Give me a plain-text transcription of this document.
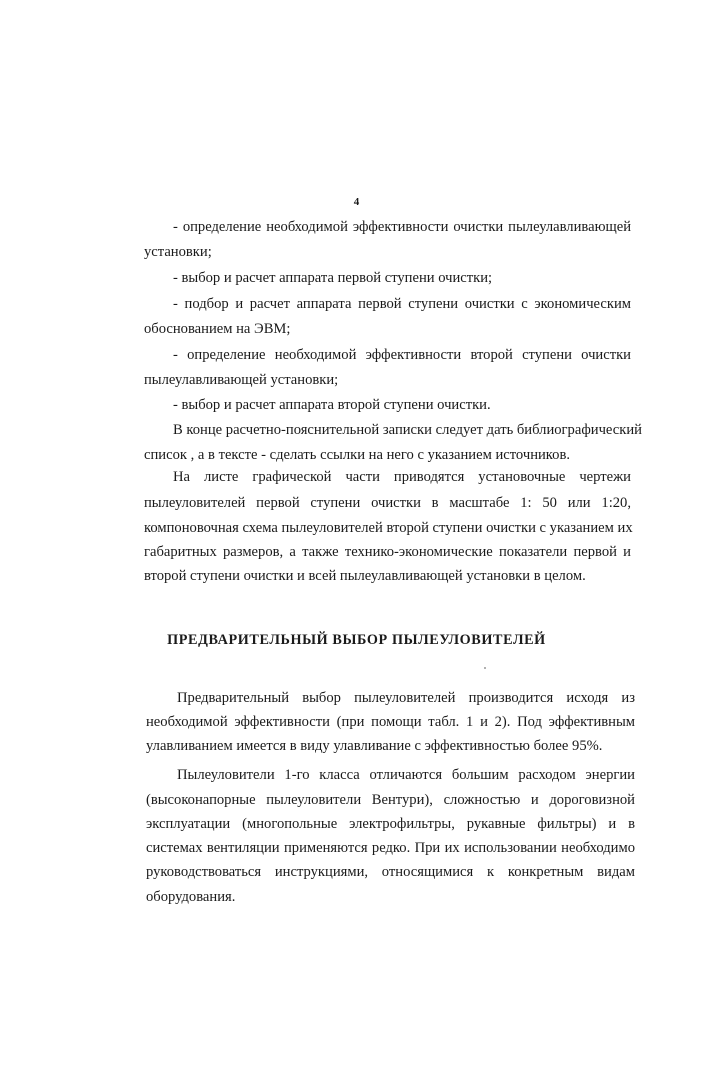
4
- определение необходимой эффективности очистки пылеулавливающей
установки;
- выбор и расчет аппарата первой ступени очистки;
- подбор и расчет аппарата первой ступени очистки с экономическим
обоснованием на ЭВМ;
- определение необходимой эффективности второй ступени очистки
пылеулавливающей установки;
- выбор и расчет аппарата второй ступени очистки.
В конце расчетно-пояснительной записки следует дать библиографический
список , а в тексте - сделать ссылки на него с указанием источников.
На листе графической части приводятся установочные чертежи
пылеуловителей первой ступени очистки в масштабе 1: 50 или 1:20,
компоновочная схема пылеуловителей второй ступени очистки с указанием их
габаритных размеров, а также технико-экономические показатели первой и
второй ступени очистки и всей пылеулавливающей установки в целом.
ПРЕДВАРИТЕЛЬНЫЙ ВЫБОР ПЫЛЕУЛОВИТЕЛЕЙ
Предварительный выбор пылеуловителей производится исходя из
необходимой эффективности (при помощи табл. 1 и 2). Под эффективным
улавливанием имеется в виду улавливание с эффективностью более 95%.
Пылеуловители 1-го класса отличаются большим расходом энергии
(высоконапорные пылеуловители Вентури), сложностью и дороговизной
эксплуатации (многопольные электрофильтры, рукавные фильтры) и в
системах вентиляции применяются редко. При их использовании необходимо
руководствоваться инструкциями, относящимися к конкретным видам
оборудования.
